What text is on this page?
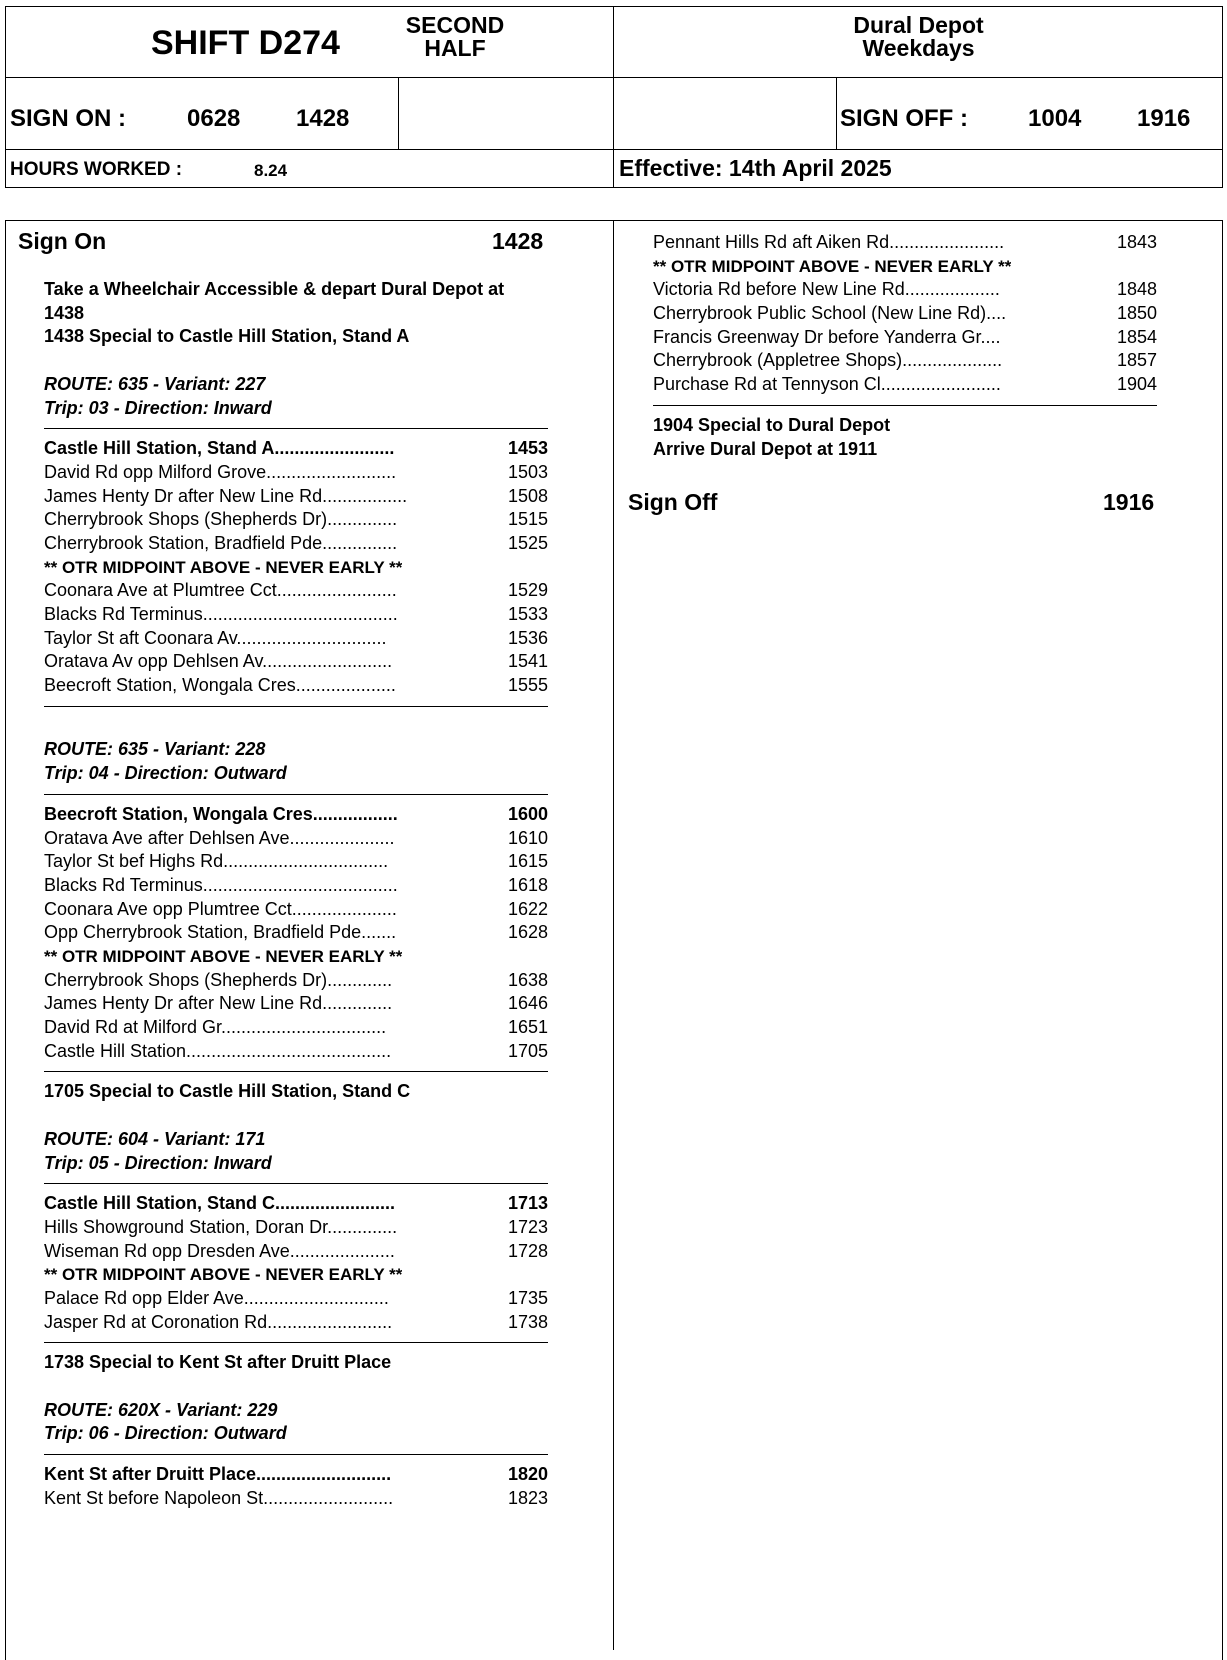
SHIFT D274	SECOND
HALF
Dural Depot
Weekdays
SIGN ON :	0628 1428	SIGN OFF :	1004 1916
HOURS WORKED :	8.24	Effective: 14th April 2025
Sign On	1428
Take a Wheelchair Accessible & depart Dural Depot at
1438
1438 Special to Castle Hill Station, Stand A
ROUTE: 635 - Variant: 227
Trip: 03 - Direction: Inward
Castle Hill Station, Stand A........................	1453
David Rd opp Milford Grove..........................	1503
James Henty Dr after New Line Rd.................	1508
Cherrybrook Shops (Shepherds Dr)..............	1515
Cherrybrook Station, Bradfield Pde...............	1525
** OTR MIDPOINT ABOVE - NEVER EARLY **
Coonara Ave at Plumtree Cct........................	1529
Blacks Rd Terminus.......................................	1533
Taylor St aft Coonara Av..............................	1536
Oratava Av opp Dehlsen Av..........................	1541
Beecroft Station, Wongala Cres....................	1555
ROUTE: 635 - Variant: 228
Trip: 04 - Direction: Outward
Beecroft Station, Wongala Cres.................	1600
Oratava Ave after Dehlsen Ave.....................	1610
Taylor St bef Highs Rd.................................	1615
Blacks Rd Terminus.......................................	1618
Coonara Ave opp Plumtree Cct.....................	1622
Opp Cherrybrook Station, Bradfield Pde.......	1628
** OTR MIDPOINT ABOVE - NEVER EARLY **
Cherrybrook Shops (Shepherds Dr).............	1638
James Henty Dr after New Line Rd..............	1646
David Rd at Milford Gr.................................	1651
Castle Hill Station.........................................	1705
1705 Special to Castle Hill Station, Stand C
ROUTE: 604 - Variant: 171
Trip: 05 - Direction: Inward
Castle Hill Station, Stand C........................	1713
Hills Showground Station, Doran Dr..............	1723
Wiseman Rd opp Dresden Ave.....................	1728
** OTR MIDPOINT ABOVE - NEVER EARLY **
Palace Rd opp Elder Ave.............................	1735
Jasper Rd at Coronation Rd.........................	1738
1738 Special to Kent St after Druitt Place
ROUTE: 620X - Variant: 229
Trip: 06 - Direction: Outward
Kent St after Druitt Place...........................	1820
Kent St before Napoleon St..........................	1823
Pennant Hills Rd aft Aiken Rd.......................	1843
** OTR MIDPOINT ABOVE - NEVER EARLY **
Victoria Rd before New Line Rd...................	1848
Cherrybrook Public School (New Line Rd)....	1850
Francis Greenway Dr before Yanderra Gr....	1854
Cherrybrook (Appletree Shops)....................	1857
Purchase Rd at Tennyson Cl........................	1904
1904 Special to Dural Depot
Arrive Dural Depot at 1911
Sign Off	1916
